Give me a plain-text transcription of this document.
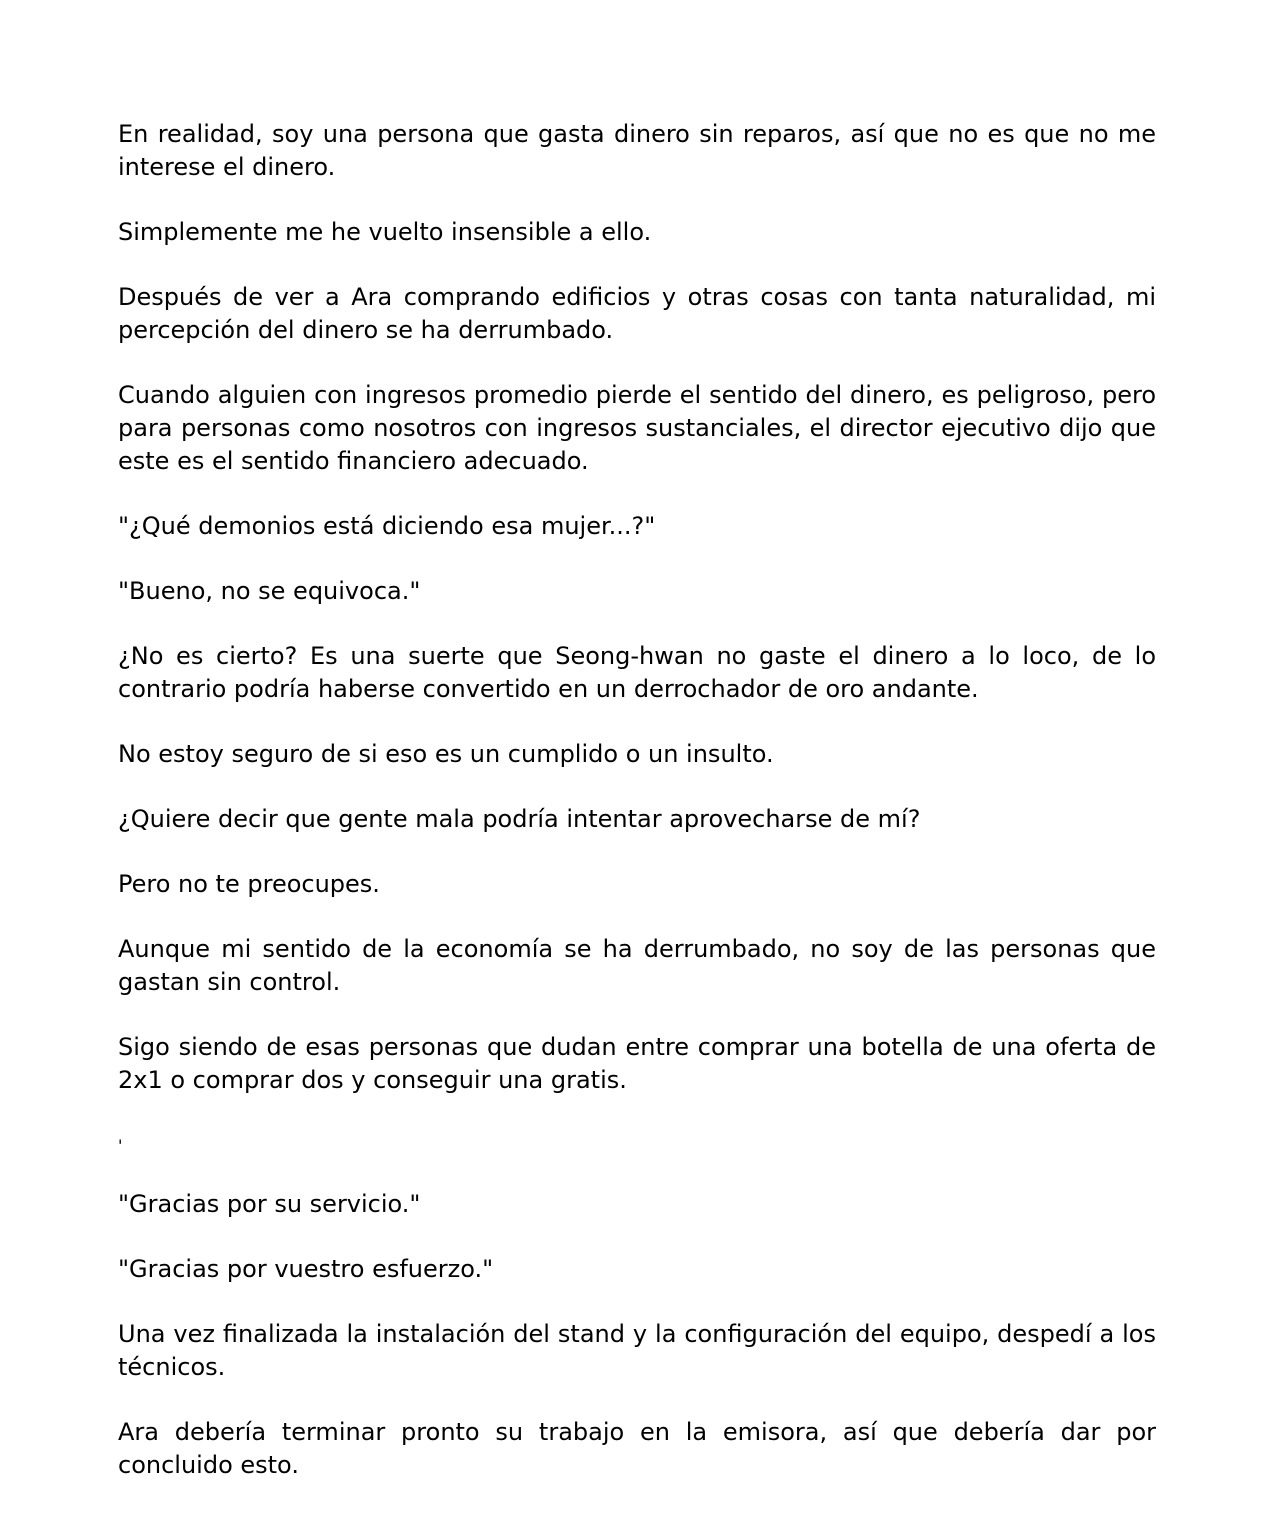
En realidad, soy una persona que gasta dinero sin reparos, así que no es que no me interese el dinero.

Simplemente me he vuelto insensible a ello.

Después de ver a Ara comprando edificios y otras cosas con tanta naturalidad, mi percepción del dinero se ha derrumbado.

Cuando alguien con ingresos promedio pierde el sentido del dinero, es peligroso, pero para personas como nosotros con ingresos sustanciales, el director ejecutivo dijo que este es el sentido financiero adecuado.

"¿Qué demonios está diciendo esa mujer...?"

"Bueno, no se equivoca."

¿No es cierto? Es una suerte que Seong-hwan no gaste el dinero a lo loco, de lo contrario podría haberse convertido en un derrochador de oro andante.

No estoy seguro de si eso es un cumplido o un insulto.

¿Quiere decir que gente mala podría intentar aprovecharse de mí?

Pero no te preocupes.

Aunque mi sentido de la economía se ha derrumbado, no soy de las personas que gastan sin control.

Sigo siendo de esas personas que dudan entre comprar una botella de una oferta de 2x1 o comprar dos y conseguir una gratis.

'

"Gracias por su servicio."

"Gracias por vuestro esfuerzo."

Una vez finalizada la instalación del stand y la configuración del equipo, despedí a los técnicos.

Ara debería terminar pronto su trabajo en la emisora, así que debería dar por concluido esto.
